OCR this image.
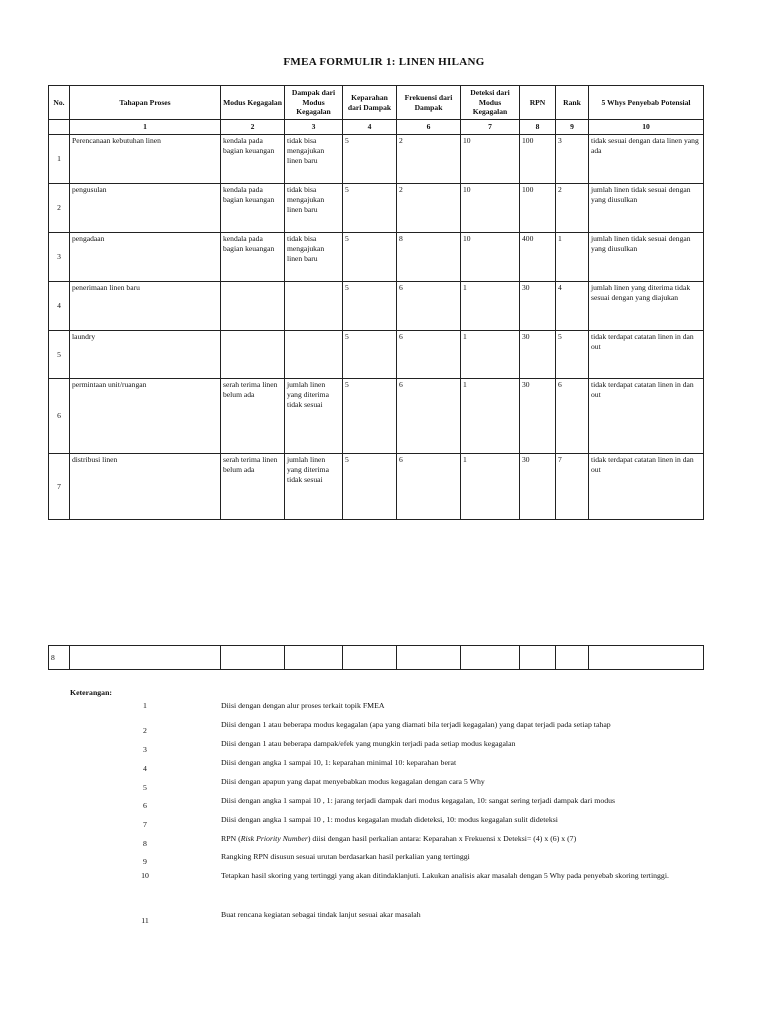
FMEA FORMULIR 1: LINEN HILANG
No.	Tahapan Proses	Modus Kegagalan	Dampak dari Modus Kegagalan	Keparahan dari Dampak	Frekuensi dari Dampak	Deteksi dari Modus Kegagalan	RPN	Rank	5 Whys Penyebab Potensial
	1	2	3	4	6	7	8	9	10
1	Perencanaan kebutuhan linen	kendala pada bagian keuangan	tidak bisa mengajukan linen baru	5	2	10	100	3	tidak sesuai dengan data linen yang ada
2	pengusulan	kendala pada bagian keuangan	tidak bisa mengajukan linen baru	5	2	10	100	2	jumlah linen tidak sesuai dengan yang diusulkan
3	pengadaan	kendala pada bagian keuangan	tidak bisa mengajukan linen baru	5	8	10	400	1	jumlah linen tidak sesuai dengan yang diusulkan
4	penerimaan linen baru			5	6	1	30	4	jumlah linen yang diterima tidak sesuai dengan yang diajukan
5	laundry			5	6	1	30	5	tidak terdapat catatan linen in dan out
6	permintaan unit/ruangan	serah terima linen belum ada	jumlah linen yang diterima tidak sesuai	5	6	1	30	6	tidak terdapat catatan linen in dan out
7	distribusi linen	serah terima linen belum ada	jumlah linen yang diterima tidak sesuai	5	6	1	30	7	tidak terdapat catatan linen in dan out
8									
Keterangan:
1	Diisi dengan dengan alur proses terkait topik FMEA
2
Diisi dengan 1 atau beberapa modus kegagalan (apa yang diamati bila terjadi kegagalan) yang dapat terjadi pada setiap tahap
3
Diisi dengan 1 atau beberapa dampak/efek yang mungkin terjadi pada setiap modus kegagalan
4
Diisi dengan angka 1 sampai 10, 1: keparahan minimal 10: keparahan berat
5
Diisi dengan apapun yang dapat menyebabkan modus kegagalan dengan cara 5 Why
6
Diisi dengan angka 1 sampai 10 , 1: jarang terjadi dampak dari modus kegagalan, 10: sangat sering terjadi dampak dari modus
7
Diisi dengan angka 1 sampai 10 , 1: modus kegagalan mudah dideteksi, 10: modus kegagalan sulit dideteksi
8
RPN (Risk Priority Number) diisi dengan hasil perkalian antara: Keparahan x Frekuensi x Deteksi= (4) x (6) x (7)
9
Rangking RPN disusun sesuai urutan berdasarkan hasil perkalian yang tertinggi
10	Tetapkan hasil skoring yang tertinggi yang akan ditindaklanjuti. Lakukan analisis akar masalah dengan 5 Why pada penyebab skoring tertinggi.
11
Buat rencana kegiatan sebagai tindak lanjut sesuai akar masalah
